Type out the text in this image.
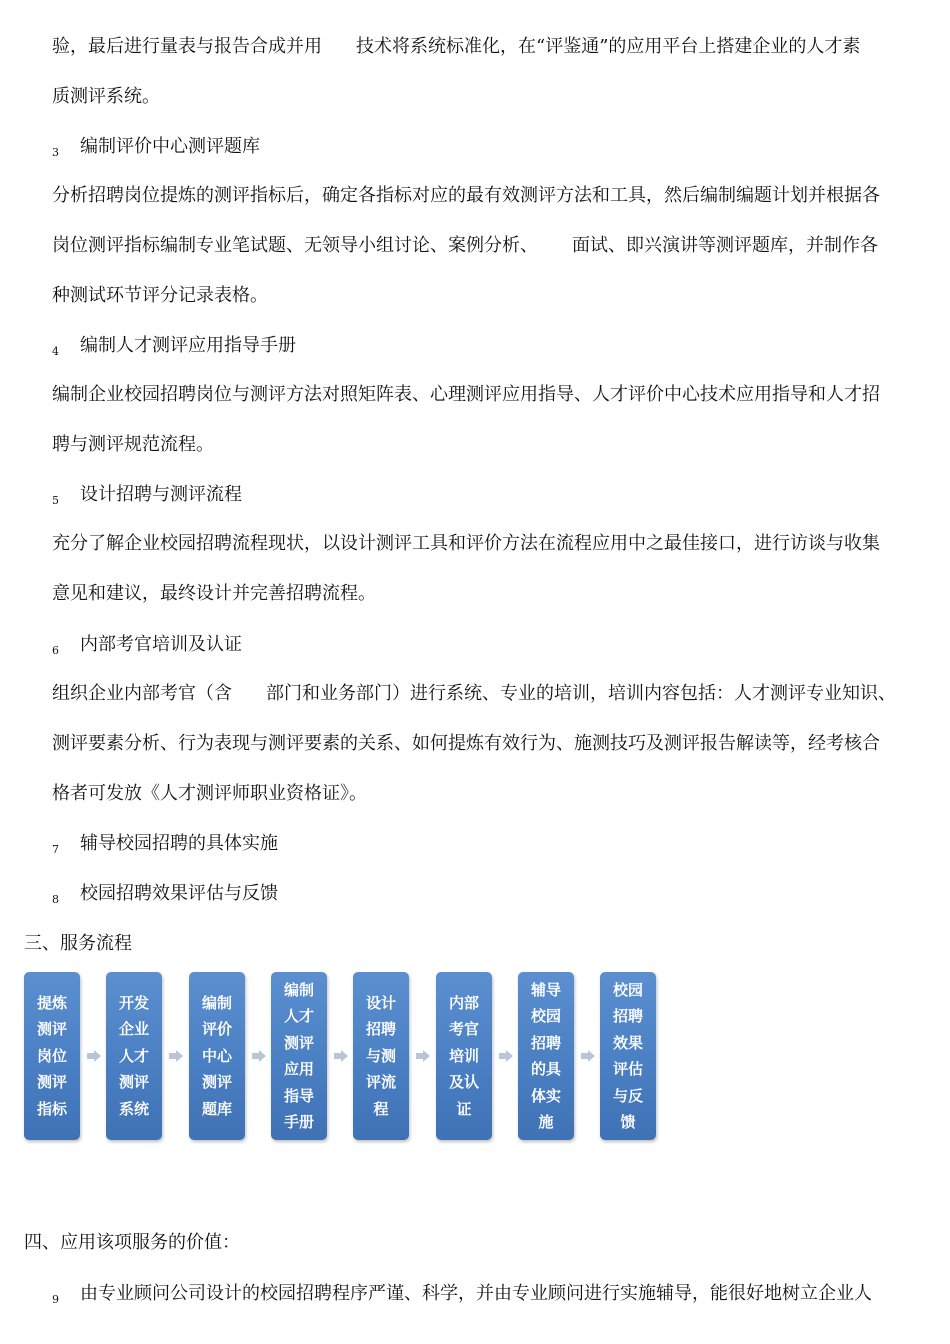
验，最后进行量表与报告合成并用 技术将系统标准化，在“评鉴通”的应用平台上搭建企业的人才素
质测评系统。

3 编制评价中心测评题库

分析招聘岗位提炼的测评指标后，确定各指标对应的最有效测评方法和工具，然后编制编题计划并根据各
岗位测评指标编制专业笔试题、无领导小组讨论、案例分析、 面试、即兴演讲等测评题库，并制作各
种测试环节评分记录表格。

4 编制人才测评应用指导手册

编制企业校园招聘岗位与测评方法对照矩阵表、心理测评应用指导、人才评价中心技术应用指导和人才招
聘与测评规范流程。

5 设计招聘与测评流程

充分了解企业校园招聘流程现状，以设计测评工具和评价方法在流程应用中之最佳接口，进行访谈与收集
意见和建议，最终设计并完善招聘流程。

6 内部考官培训及认证

组织企业内部考官（含 部门和业务部门）进行系统、专业的培训，培训内容包括：人才测评专业知识、
测评要素分析、行为表现与测评要素的关系、如何提炼有效行为、施测技巧及测评报告解读等，经考核合
格者可发放《人才测评师职业资格证》。

7 辅导校园招聘的具体实施
8 校园招聘效果评估与反馈
三、服务流程
提炼测评岗位测评指标
开发企业人才测评系统
编制评价中心测评题库
编制人才测评应用指导手册
设计招聘与测评流程
内部考官培训及认证
辅导校园招聘的具体实施
校园招聘效果评估与反馈
四、应用该项服务的价值：
9 由专业顾问公司设计的校园招聘程序严谨、科学，并由专业顾问进行实施辅导，能很好地树立企业人
